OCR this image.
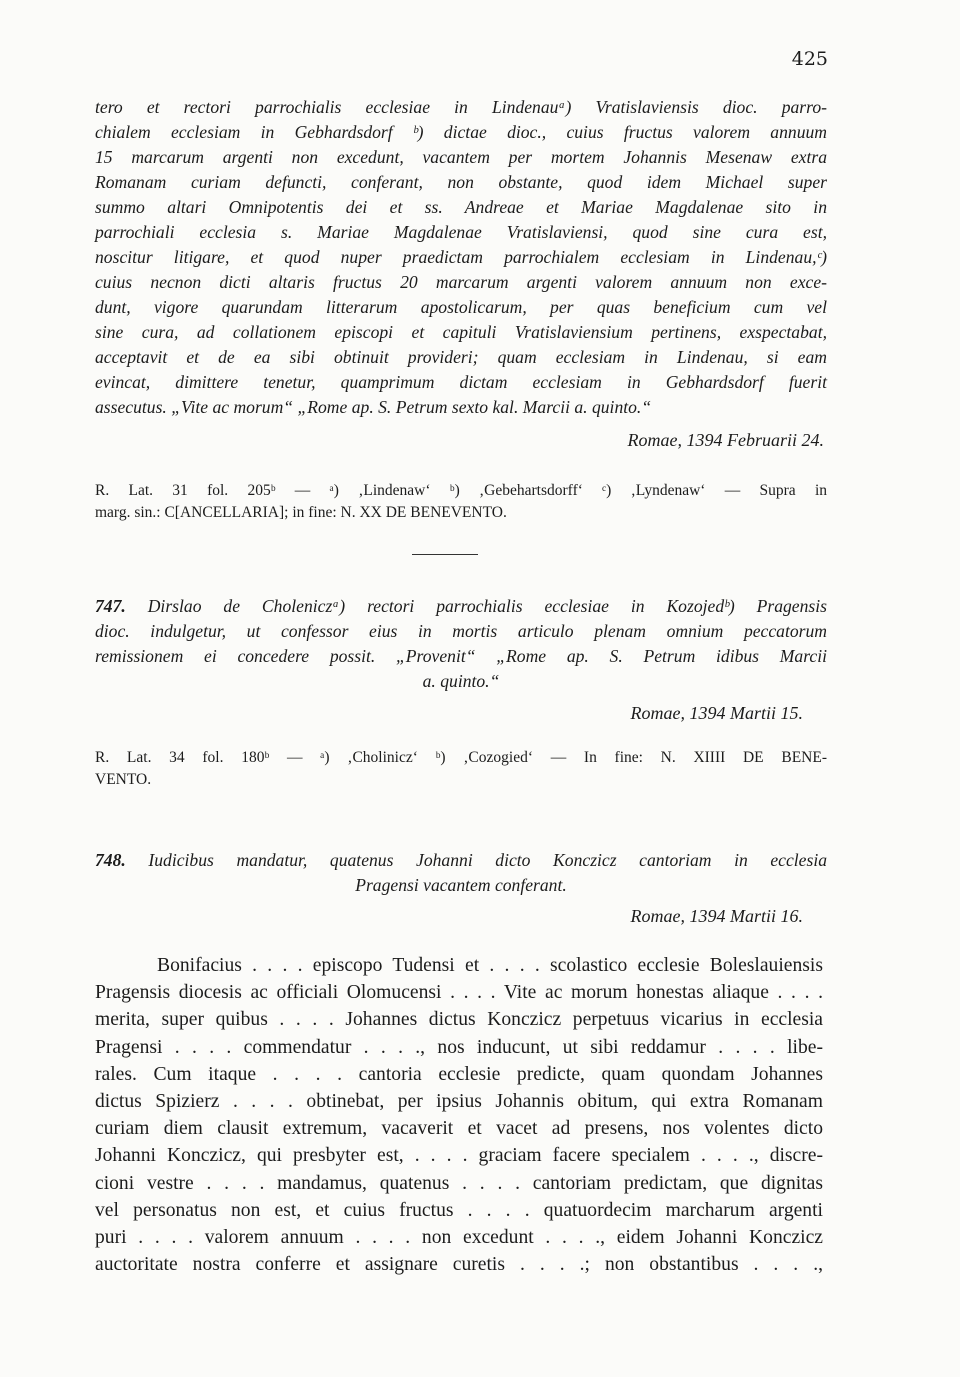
425
tero et rectori parrochialis ecclesiae in Lindenauᵃ) Vratislaviensis dioc. parro-
chialem ecclesiam in Gebhardsdorf ᵇ) dictae dioc., cuius fructus valorem annuum
15 marcarum argenti non excedunt, vacantem per mortem Johannis Mesenaw extra
Romanam curiam defuncti, conferant, non obstante, quod idem Michael super
summo altari Omnipotentis dei et ss. Andreae et Mariae Magdalenae sito in
parrochiali ecclesia s. Mariae Magdalenae Vratislaviensi, quod sine cura est,
noscitur litigare, et quod nuper praedictam parrochialem ecclesiam in Lindenau,ᶜ)
cuius necnon dicti altaris fructus 20 marcarum argenti valorem annuum non exce-
dunt, vigore quarundam litterarum apostolicarum, per quas beneficium cum vel
sine cura, ad collationem episcopi et capituli Vratislaviensium pertinens, exspectabat,
acceptavit et de ea sibi obtinuit provideri; quam ecclesiam in Lindenau, si eam
evincat, dimittere tenetur, quamprimum dictam ecclesiam in Gebhardsdorf fuerit
assecutus. „Vite ac morum“ „Rome ap. S. Petrum sexto kal. Marcii a. quinto.“
Romae, 1394 Februarii 24.
R. Lat. 31 fol. 205ᵇ — ᵃ) ‚Lindenaw‘ ᵇ) ‚Gebehartsdorff‘ ᶜ) ‚Lyndenaw‘ — Supra in
marg. sin.: C[ANCELLARIA]; in fine: N. XX DE BENEVENTO.
747. Dirslao de Choleniczᵃ) rectori parrochialis ecclesiae in Kozojedᵇ) Pragensis
dioc. indulgetur, ut confessor eius in mortis articulo plenam omnium peccatorum
remissionem ei concedere possit. „Provenit“ „Rome ap. S. Petrum idibus Marcii
a. quinto.“
Romae, 1394 Martii 15.
R. Lat. 34 fol. 180ᵇ — ᵃ) ‚Cholinicz‘ ᵇ) ‚Cozogied‘ — In fine: N. XIIII DE BENE-
VENTO.
748. Iudicibus mandatur, quatenus Johanni dicto Konczicz cantoriam in ecclesia
Pragensi vacantem conferant.
Romae, 1394 Martii 16.
Bonifacius . . . . episcopo Tudensi et . . . . scolastico ecclesie Boleslauiensis
Pragensis diocesis ac officiali Olomucensi . . . . Vite ac morum honestas aliaque . . . .
merita, super quibus . . . . Johannes dictus Konczicz perpetuus vicarius in ecclesia
Pragensi . . . . commendatur . . . ., nos inducunt, ut sibi reddamur . . . . libe-
rales. Cum itaque . . . . cantoria ecclesie predicte, quam quondam Johannes
dictus Spizierz . . . . obtinebat, per ipsius Johannis obitum, qui extra Romanam
curiam diem clausit extremum, vacaverit et vacet ad presens, nos volentes dicto
Johanni Konczicz, qui presbyter est, . . . . graciam facere specialem . . . ., discre-
cioni vestre . . . . mandamus, quatenus . . . . cantoriam predictam, que dignitas
vel personatus non est, et cuius fructus . . . . quatuordecim marcharum argenti
puri . . . . valorem annuum . . . . non excedunt . . . ., eidem Johanni Konczicz
auctoritate nostra conferre et assignare curetis . . . .; non obstantibus . . . .,
